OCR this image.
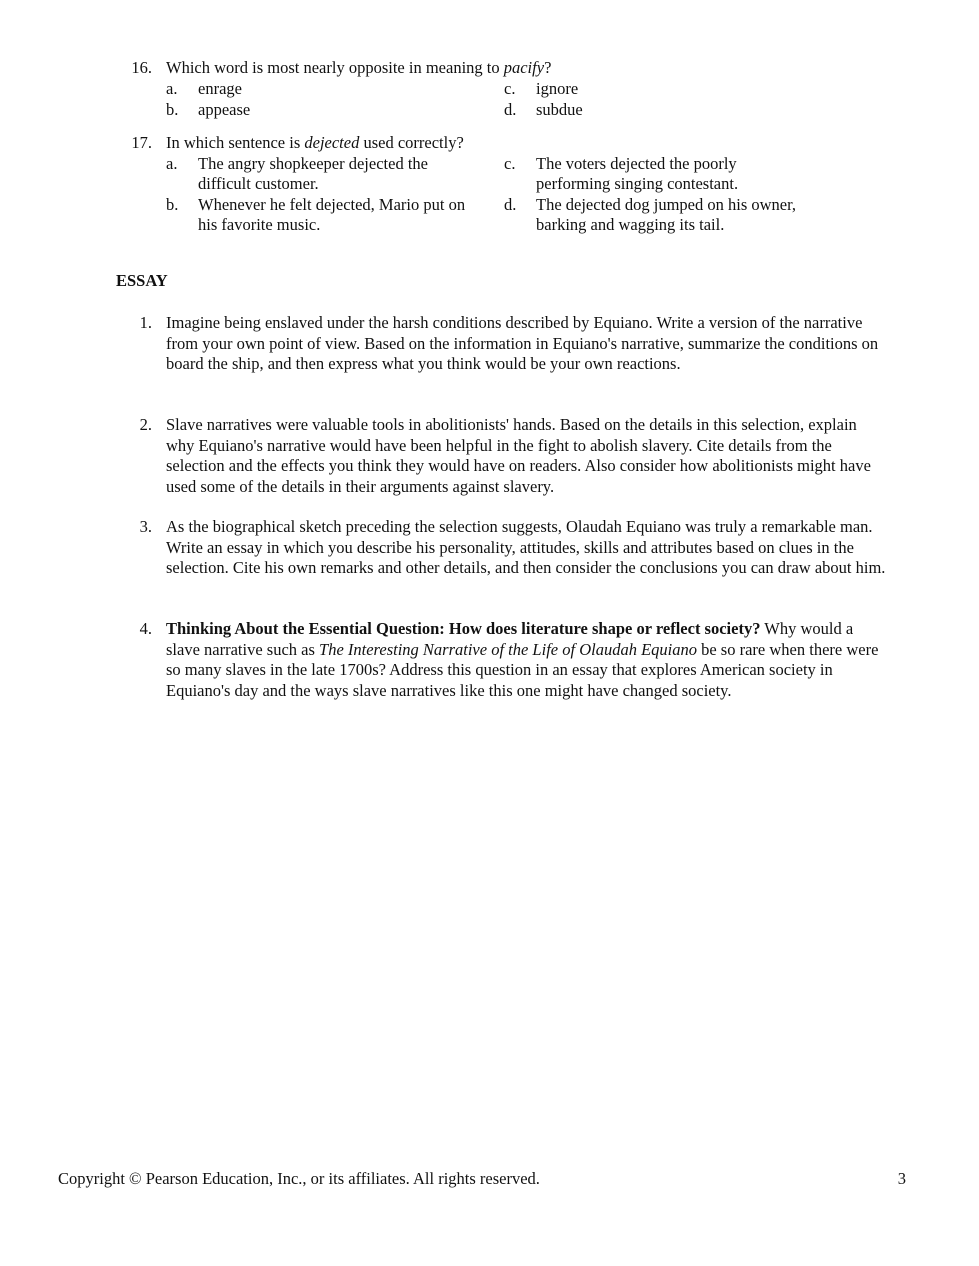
16. Which word is most nearly opposite in meaning to pacify?
a. enrage
b. appease
c. ignore
d. subdue
17. In which sentence is dejected used correctly?
a. The angry shopkeeper dejected the difficult customer.
b. Whenever he felt dejected, Mario put on his favorite music.
c. The voters dejected the poorly performing singing contestant.
d. The dejected dog jumped on his owner, barking and wagging its tail.
ESSAY
1. Imagine being enslaved under the harsh conditions described by Equiano. Write a version of the narrative from your own point of view. Based on the information in Equiano's narrative, summarize the conditions on board the ship, and then express what you think would be your own reactions.
2. Slave narratives were valuable tools in abolitionists' hands. Based on the details in this selection, explain why Equiano's narrative would have been helpful in the fight to abolish slavery. Cite details from the selection and the effects you think they would have on readers. Also consider how abolitionists might have used some of the details in their arguments against slavery.
3. As the biographical sketch preceding the selection suggests, Olaudah Equiano was truly a remarkable man. Write an essay in which you describe his personality, attitudes, skills and attributes based on clues in the selection. Cite his own remarks and other details, and then consider the conclusions you can draw about him.
4. Thinking About the Essential Question: How does literature shape or reflect society? Why would a slave narrative such as The Interesting Narrative of the Life of Olaudah Equiano be so rare when there were so many slaves in the late 1700s? Address this question in an essay that explores American society in Equiano's day and the ways slave narratives like this one might have changed society.
Copyright © Pearson Education, Inc., or its affiliates. All rights reserved.	3
